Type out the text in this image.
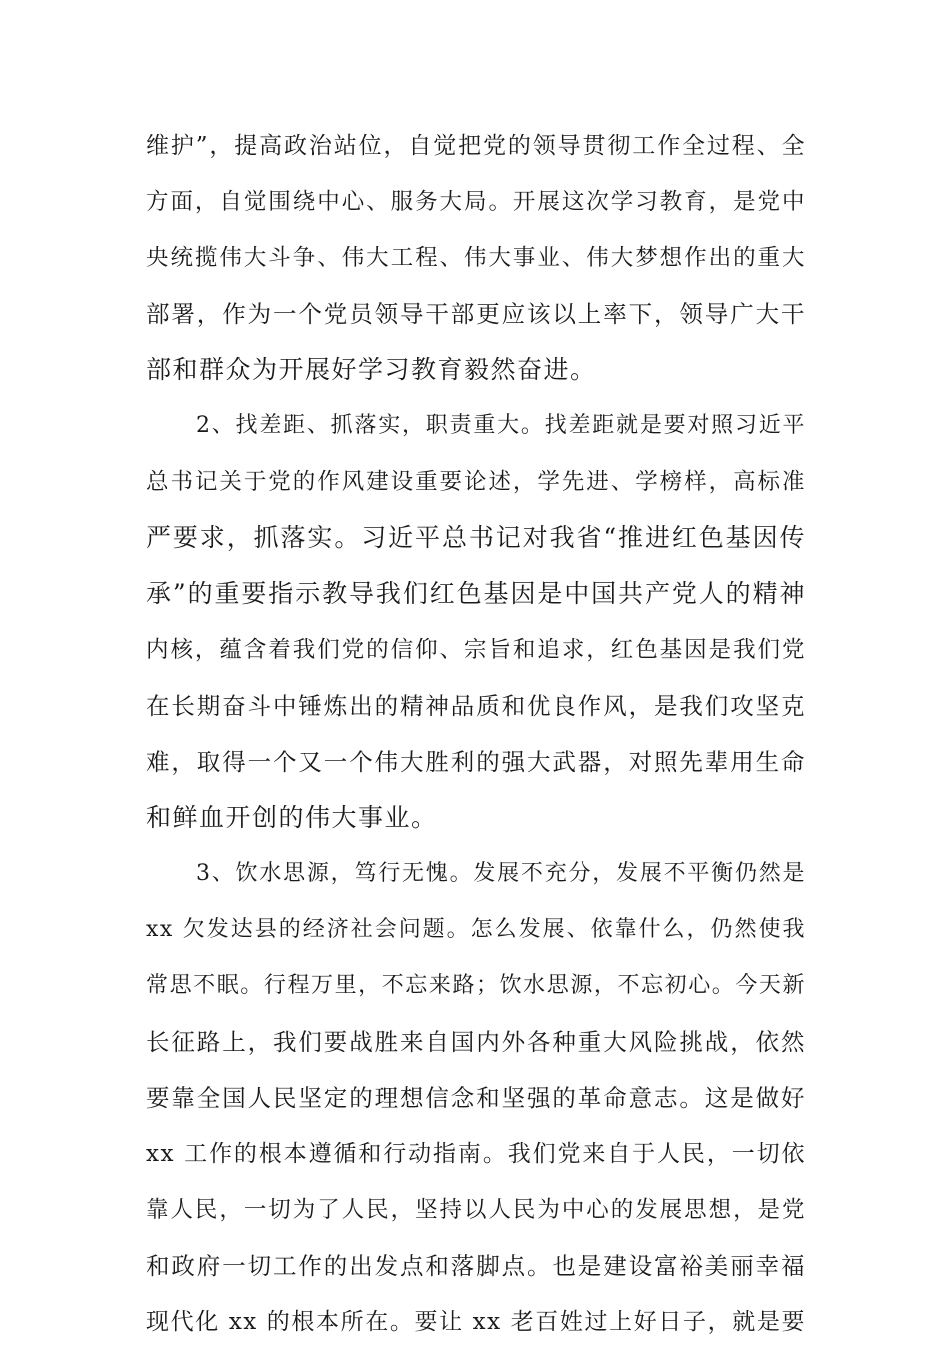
维护”，提高政治站位，自觉把党的领导贯彻工作全过程、全
方面，自觉围绕中心、服务大局。开展这次学习教育，是党中
央统揽伟大斗争、伟大工程、伟大事业、伟大梦想作出的重大
部署，作为一个党员领导干部更应该以上率下，领导广大干
部和群众为开展好学习教育毅然奋进。
2、找差距、抓落实，职责重大。找差距就是要对照习近平
总书记关于党的作风建设重要论述，学先进、学榜样，高标准
严要求，抓落实。习近平总书记对我省“推进红色基因传
承”的重要指示教导我们红色基因是中国共产党人的精神
内核，蕴含着我们党的信仰、宗旨和追求，红色基因是我们党
在长期奋斗中锤炼出的精神品质和优良作风，是我们攻坚克
难，取得一个又一个伟大胜利的强大武器，对照先辈用生命
和鲜血开创的伟大事业。
3、饮水思源，笃行无愧。发展不充分，发展不平衡仍然是
xx 欠发达县的经济社会问题。怎么发展、依靠什么，仍然使我
常思不眠。行程万里，不忘来路；饮水思源，不忘初心。今天新
长征路上，我们要战胜来自国内外各种重大风险挑战，依然
要靠全国人民坚定的理想信念和坚强的革命意志。这是做好
xx 工作的根本遵循和行动指南。我们党来自于人民，一切依
靠人民，一切为了人民，坚持以人民为中心的发展思想，是党
和政府一切工作的出发点和落脚点。也是建设富裕美丽幸福
现代化 xx 的根本所在。要让 xx 老百姓过上好日子，就是要
